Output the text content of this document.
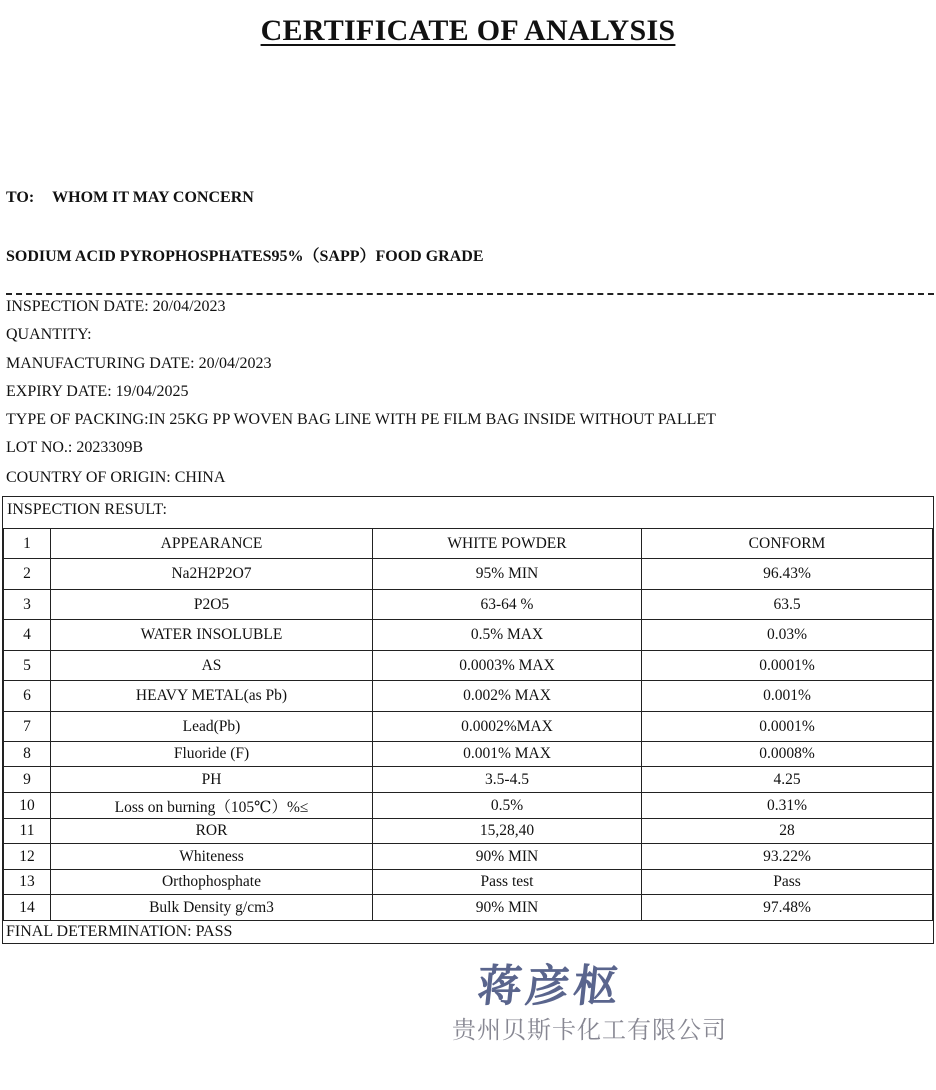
CERTIFICATE OF ANALYSIS
TO: WHOM IT MAY CONCERN
SODIUM ACID PYROPHOSPHATES95%（SAPP）FOOD GRADE
INSPECTION DATE: 20/04/2023
QUANTITY:
MANUFACTURING DATE: 20/04/2023
EXPIRY DATE: 19/04/2025
TYPE OF PACKING:IN 25KG PP WOVEN BAG LINE WITH PE FILM BAG INSIDE WITHOUT PALLET
LOT NO.: 2023309B
COUNTRY OF ORIGIN: CHINA
INSPECTION RESULT:
1	APPEARANCE	WHITE POWDER	CONFORM
2	Na2H2P2O7	95% MIN	96.43%
3	P2O5	63-64 %	63.5
4	WATER INSOLUBLE	0.5% MAX	0.03%
5	AS	0.0003% MAX	0.0001%
6	HEAVY METAL(as Pb)	0.002% MAX	0.001%
7	Lead(Pb)	0.0002%MAX	0.0001%
8	Fluoride (F)	0.001% MAX	0.0008%
9	PH	3.5-4.5	4.25
10	Loss on burning（105℃）%≤	0.5%	0.31%
11	ROR	15,28,40	28
12	Whiteness	90% MIN	93.22%
13	Orthophosphate	Pass test	Pass
14	Bulk Density g/cm3	90% MIN	97.48%
FINAL DETERMINATION: PASS
蒋彦枢
贵州贝斯卡化工有限公司
